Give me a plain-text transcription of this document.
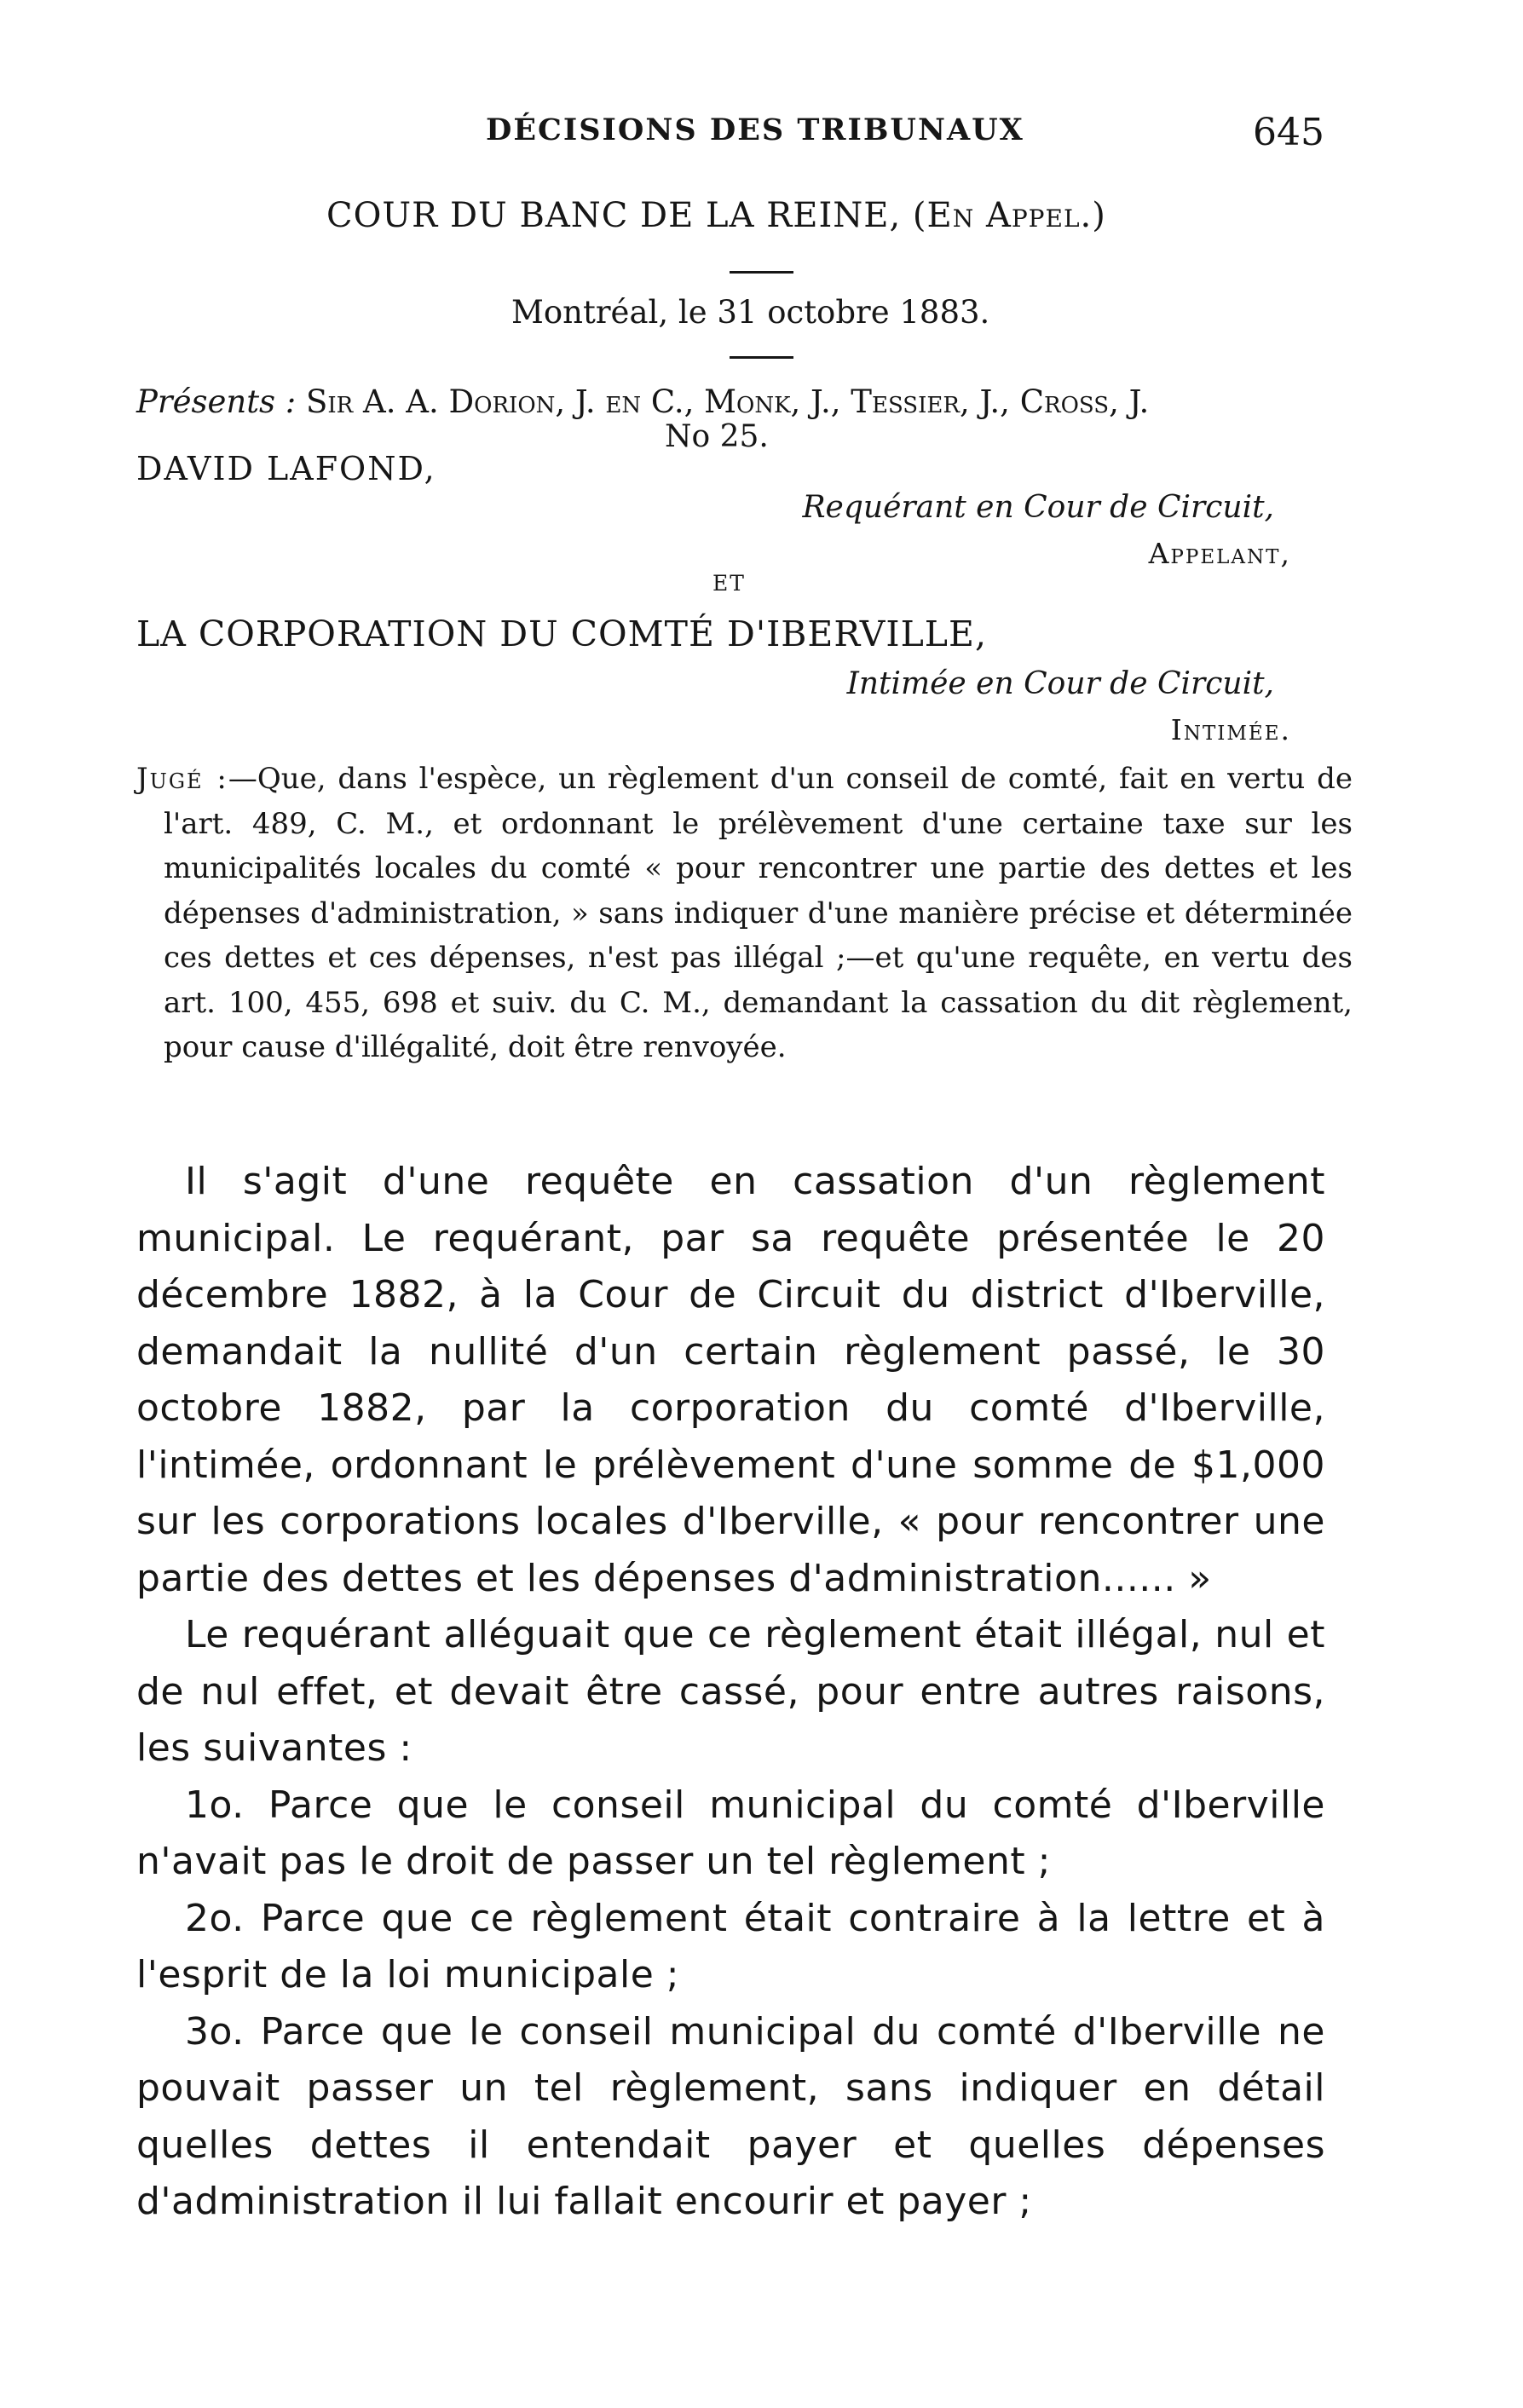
DÉCISIONS DES TRIBUNAUX	645
COUR DU BANC DE LA REINE, (En Appel.)
Montréal, le 31 octobre 1883.
Présents : Sir A. A. Dorion, J. en C., Monk, J., Tessier, J., Cross, J.
No 25.
DAVID LAFOND,
Requérant en Cour de Circuit,
Appelant,
ET
LA CORPORATION DU COMTÉ D'IBERVILLE,
Intimée en Cour de Circuit,
Intimée.
Jugé :—Que, dans l'espèce, un règlement d'un conseil de comté, fait en vertu de l'art. 489, C. M., et ordonnant le prélèvement d'une certaine taxe sur les municipalités locales du comté « pour rencontrer une partie des dettes et les dépenses d'administration, » sans indiquer d'une manière précise et déterminée ces dettes et ces dépenses, n'est pas illégal ;—et qu'une requête, en vertu des art. 100, 455, 698 et suiv. du C. M., demandant la cassation du dit règlement, pour cause d'illégalité, doit être renvoyée.

Il s'agit d'une requête en cassation d'un règlement municipal. Le requérant, par sa requête présentée le 20 décembre 1882, à la Cour de Circuit du district d'Iberville, demandait la nullité d'un certain règlement passé, le 30 octobre 1882, par la corporation du comté d'Iberville, l'intimée, ordonnant le prélèvement d'une somme de $1,000 sur les corporations locales d'Iberville, « pour rencontrer une partie des dettes et les dépenses d'administration...... »

Le requérant alléguait que ce règlement était illégal, nul et de nul effet, et devait être cassé, pour entre autres raisons, les suivantes :

1o. Parce que le conseil municipal du comté d'Iberville n'avait pas le droit de passer un tel règlement ;

2o. Parce que ce règlement était contraire à la lettre et à l'esprit de la loi municipale ;

3o. Parce que le conseil municipal du comté d'Iberville ne pouvait passer un tel règlement, sans indiquer en détail quelles dettes il entendait payer et quelles dépenses d'administration il lui fallait encourir et payer ;
